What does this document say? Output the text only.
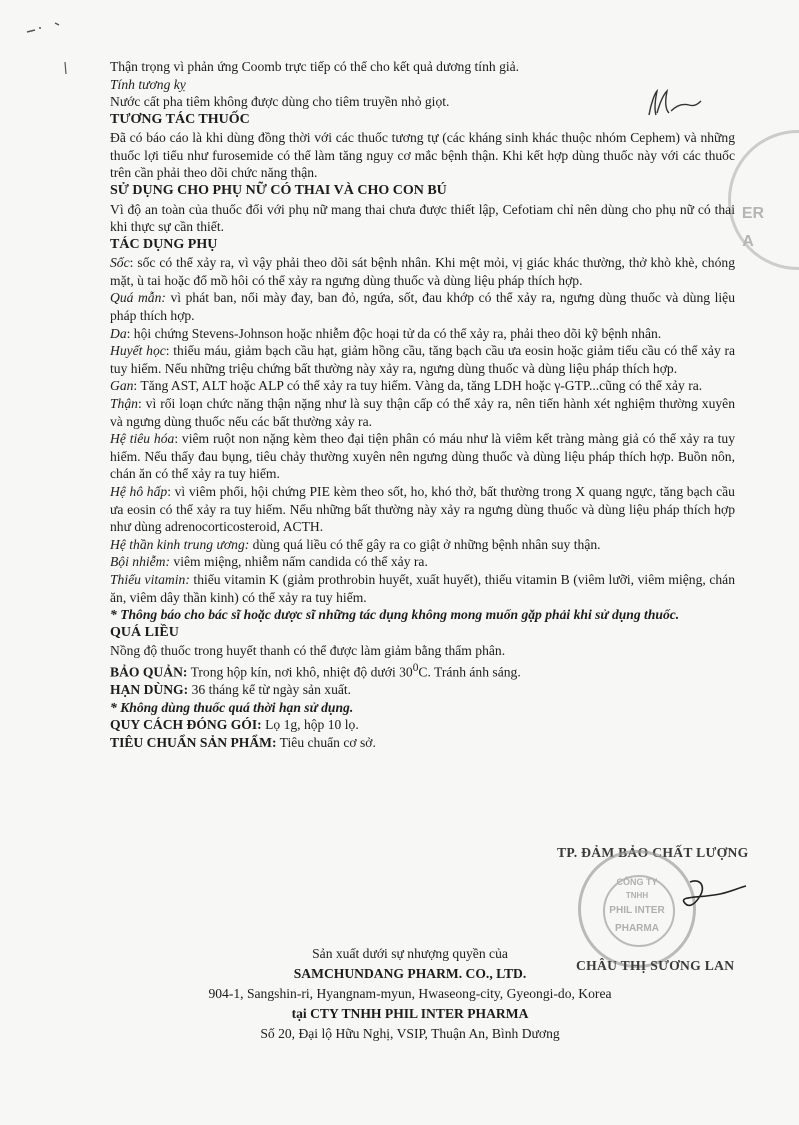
ER
A

Thận trọng vì phản ứng Coomb trực tiếp có thể cho kết quả dương tính giả.

Tính tương kỵ

Nước cất pha tiêm không được dùng cho tiêm truyền nhỏ giọt.

TƯƠNG TÁC THUỐC

Đã có báo cáo là khi dùng đồng thời với các thuốc tương tự (các kháng sinh khác thuộc nhóm Cephem) và những thuốc lợi tiểu như furosemide có thể làm tăng nguy cơ mắc bệnh thận. Khi kết hợp dùng thuốc này với các thuốc trên cần phải theo dõi chức năng thận.

SỬ DỤNG CHO PHỤ NỮ CÓ THAI VÀ CHO CON BÚ

Vì độ an toàn của thuốc đối với phụ nữ mang thai chưa được thiết lập, Cefotiam chỉ nên dùng cho phụ nữ có thai khi thực sự cần thiết.

TÁC DỤNG PHỤ

Sốc: sốc có thể xảy ra, vì vậy phải theo dõi sát bệnh nhân. Khi mệt mỏi, vị giác khác thường, thở khò khè, chóng mặt, ù tai hoặc đổ mồ hôi có thể xảy ra ngưng dùng thuốc và dùng liệu pháp thích hợp.

Quá mẫn: vì phát ban, nổi mày đay, ban đỏ, ngứa, sốt, đau khớp có thể xảy ra, ngưng dùng thuốc và dùng liệu pháp thích hợp.

Da: hội chứng Stevens-Johnson hoặc nhiễm độc hoại tử da có thể xảy ra, phải theo dõi kỹ bệnh nhân.

Huyết học: thiếu máu, giảm bạch cầu hạt, giảm hồng cầu, tăng bạch cầu ưa eosin hoặc giảm tiểu cầu có thể xảy ra tuy hiếm. Nếu những triệu chứng bất thường này xảy ra, ngưng dùng thuốc và dùng liệu pháp thích hợp.

Gan: Tăng AST, ALT hoặc ALP có thể xảy ra tuy hiếm. Vàng da, tăng LDH hoặc γ-GTP...cũng có thể xảy ra.

Thận: vì rối loạn chức năng thận nặng như là suy thận cấp có thể xảy ra, nên tiến hành xét nghiệm thường xuyên và ngưng dùng thuốc nếu các bất thường xảy ra.

Hệ tiêu hóa: viêm ruột non nặng kèm theo đại tiện phân có máu như là viêm kết tràng màng giả có thể xảy ra tuy hiếm. Nếu thấy đau bụng, tiêu chảy thường xuyên nên ngưng dùng thuốc và dùng liệu pháp thích hợp. Buồn nôn, chán ăn có thể xảy ra tuy hiếm.

Hệ hô hấp: vì viêm phổi, hội chứng PIE kèm theo sốt, ho, khó thở, bất thường trong X quang ngực, tăng bạch cầu ưa eosin có thể xảy ra tuy hiếm. Nếu những bất thường này xảy ra ngưng dùng thuốc và dùng liệu pháp thích hợp như dùng adrenocorticosteroid, ACTH.

Hệ thần kinh trung ương: dùng quá liều có thể gây ra co giật ở những bệnh nhân suy thận.

Bội nhiễm: viêm miệng, nhiễm nấm candida có thể xảy ra.

Thiếu vitamin: thiếu vitamin K (giảm prothrobin huyết, xuất huyết), thiếu vitamin B (viêm lưỡi, viêm miệng, chán ăn, viêm dây thần kinh) có thể xảy ra tuy hiếm.

* Thông báo cho bác sĩ hoặc dược sĩ những tác dụng không mong muốn gặp phải khi sử dụng thuốc.

QUÁ LIỀU

Nồng độ thuốc trong huyết thanh có thể được làm giảm bằng thẩm phân.

BẢO QUẢN: Trong hộp kín, nơi khô, nhiệt độ dưới $30^0C$. Tránh ánh sáng.

HẠN DÙNG: 36 tháng kể từ ngày sản xuất.

* Không dùng thuốc quá thời hạn sử dụng.

QUY CÁCH ĐÓNG GÓI: Lọ 1g, hộp 10 lọ.

TIÊU CHUẨN SẢN PHẨM: Tiêu chuẩn cơ sở.

TP. ĐẢM BẢO CHẤT LƯỢNG
CÔNG TY
TNHH
PHIL INTER
PHARMA
CHÂU THỊ SƯƠNG LAN
Sản xuất dưới sự nhượng quyền của
SAMCHUNDANG PHARM. CO., LTD.
904-1, Sangshin-ri, Hyangnam-myun, Hwaseong-city, Gyeongi-do, Korea
tại CTY TNHH PHIL INTER PHARMA
Số 20, Đại lộ Hữu Nghị, VSIP, Thuận An, Bình Dương
